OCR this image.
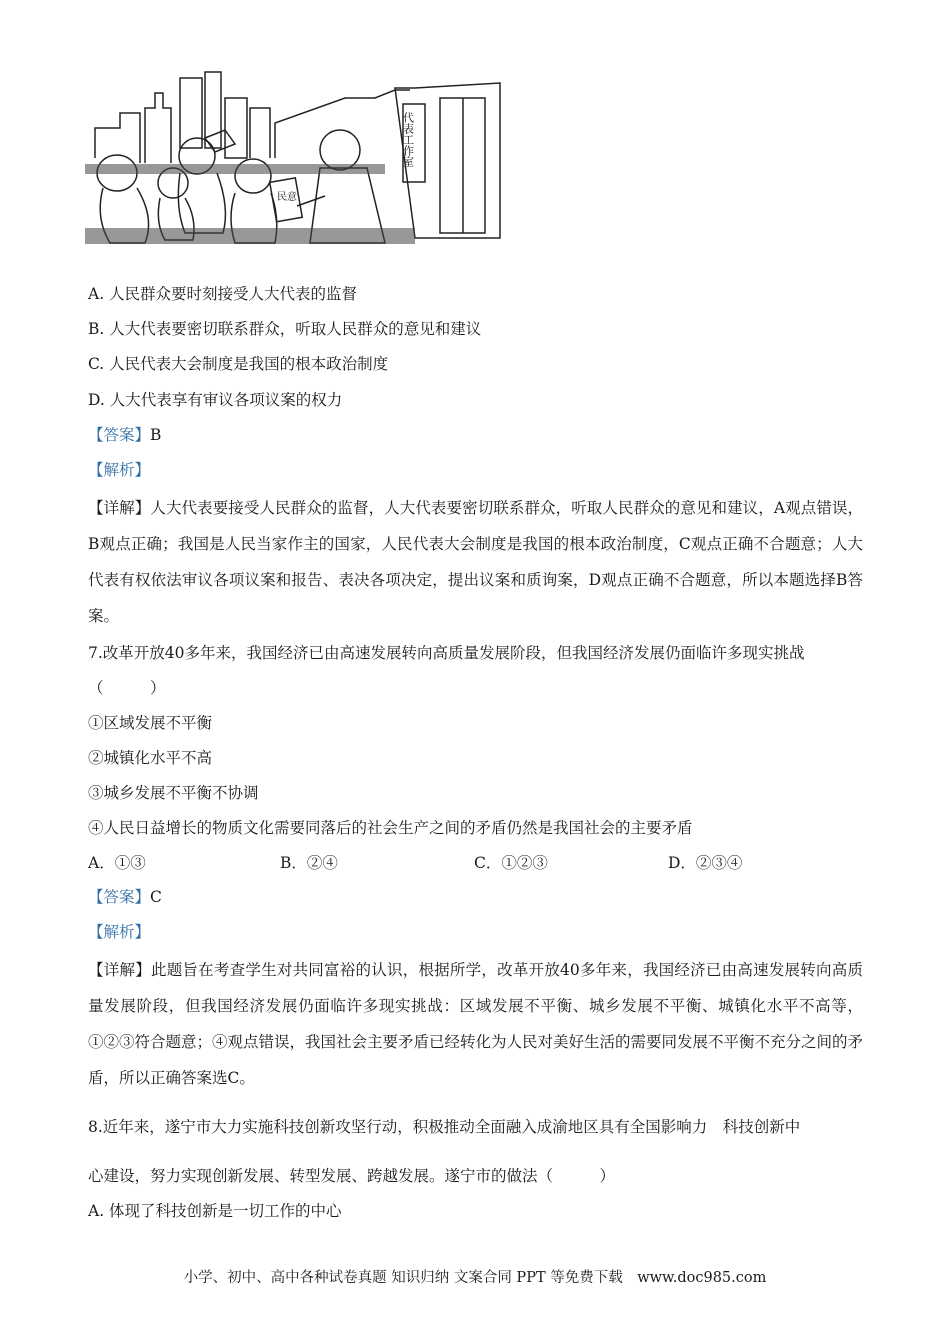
代表工作室
民意
A. 人民群众要时刻接受人大代表的监督
B. 人大代表要密切联系群众，听取人民群众的意见和建议
C. 人民代表大会制度是我国的根本政治制度
D. 人大代表享有审议各项议案的权力
【答案】B
【解析】
【详解】人大代表要接受人民群众的监督，人大代表要密切联系群众，听取人民群众的意见和建议，A观点错误，B观点正确；我国是人民当家作主的国家，人民代表大会制度是我国的根本政治制度，C观点正确不合题意；人大代表有权依法审议各项议案和报告、表决各项决定，提出议案和质询案，D观点正确不合题意，所以本题选择B答案。
7.改革开放40多年来，我国经济已由高速发展转向高质量发展阶段，但我国经济发展仍面临许多现实挑战
（　　　）
①区域发展不平衡
②城镇化水平不高
③城乡发展不平衡不协调
④人民日益增长的物质文化需要同落后的社会生产之间的矛盾仍然是我国社会的主要矛盾
A．①③	B．②④	C．①②③	D．②③④
【答案】C
【解析】
【详解】此题旨在考查学生对共同富裕的认识，根据所学，改革开放40多年来，我国经济已由高速发展转向高质量发展阶段，但我国经济发展仍面临许多现实挑战：区域发展不平衡、城乡发展不平衡、城镇化水平不高等，①②③符合题意；④观点错误，我国社会主要矛盾已经转化为人民对美好生活的需要同发展不平衡不充分之间的矛盾，所以正确答案选C。
8.近年来，遂宁市大力实施科技创新攻坚行动，积极推动全面融入成渝地区具有全国影响力　科技创新中
心建设，努力实现创新发展、转型发展、跨越发展。遂宁市的做法（　　　）
A. 体现了科技创新是一切工作的中心
小学、初中、高中各种试卷真题 知识归纳 文案合同 PPT 等免费下载　www.doc985.com
